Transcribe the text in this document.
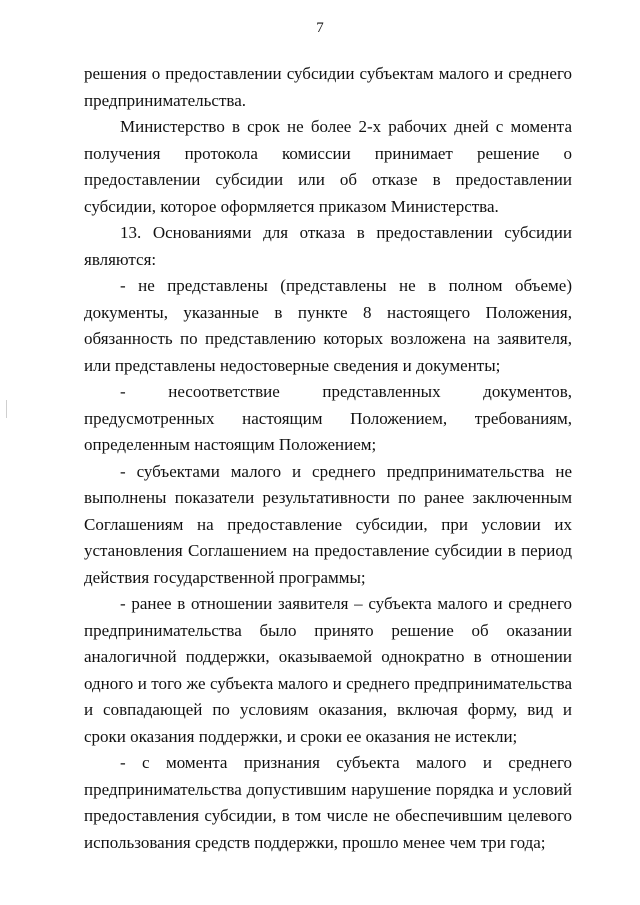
7

решения о предоставлении субсидии субъектам малого и среднего предпринимательства.

Министерство в срок не более 2-х рабочих дней с момента получения протокола комиссии принимает решение о предоставлении субсидии или об отказе в предоставлении субсидии, которое оформляется приказом Министерства.

13. Основаниями для отказа в предоставлении субсидии являются:

- не представлены (представлены не в полном объеме) документы, указанные в пункте 8 настоящего Положения, обязанность по представлению которых возложена на заявителя, или представлены недостоверные сведения и документы;

- несоответствие представленных документов, предусмотренных настоящим Положением, требованиям, определенным настоящим Положением;

- субъектами малого и среднего предпринимательства не выполнены показатели результативности по ранее заключенным Соглашениям на предоставление субсидии, при условии их установления Соглашением на предоставление субсидии в период действия государственной программы;

- ранее в отношении заявителя – субъекта малого и среднего предпринимательства было принято решение об оказании аналогичной поддержки, оказываемой однократно в отношении одного и того же субъекта малого и среднего предпринимательства и совпадающей по условиям оказания, включая форму, вид и сроки оказания поддержки, и сроки ее оказания не истекли;

- с момента признания субъекта малого и среднего предпринимательства допустившим нарушение порядка и условий предоставления субсидии, в том числе не обеспечившим целевого использования средств поддержки, прошло менее чем три года;
